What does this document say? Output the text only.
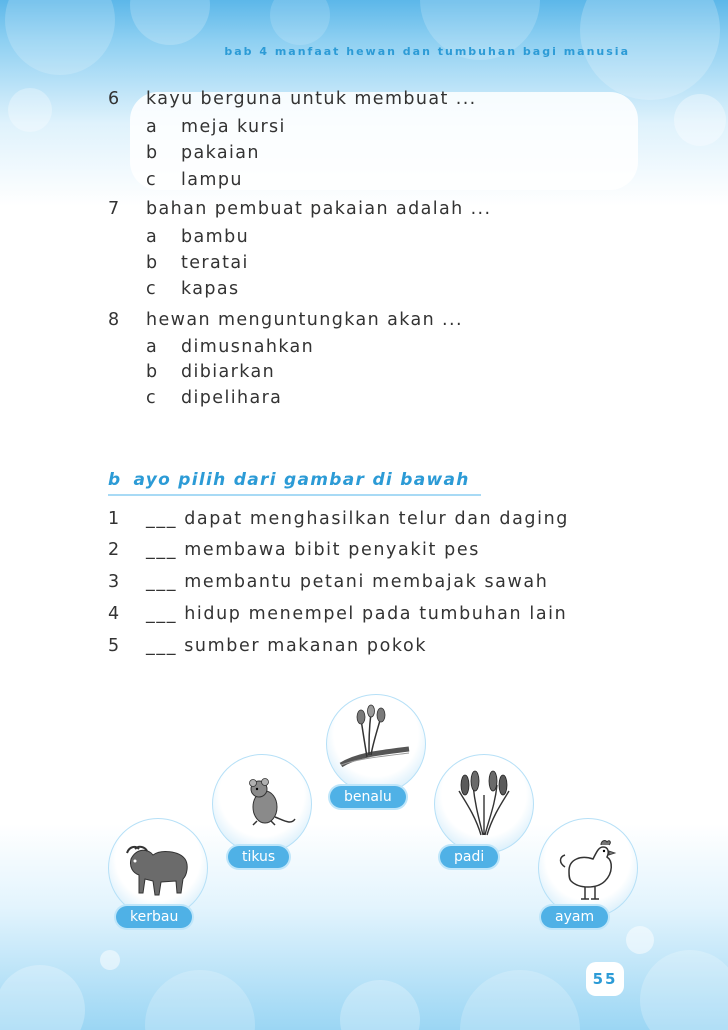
bab 4 manfaat hewan dan tumbuhan bagi manusia
6 kayu berguna untuk membuat ...
a meja kursi
b pakaian
c lampu
7 bahan pembuat pakaian adalah ...
a bambu
b teratai
c kapas
8 hewan menguntungkan akan ...
a dimusnahkan
b dibiarkan
c dipelihara
b ayo pilih dari gambar di bawah
1 ___ dapat menghasilkan telur dan daging
2 ___ membawa bibit penyakit pes
3 ___ membantu petani membajak sawah
4 ___ hidup menempel pada tumbuhan lain
5 ___ sumber makanan pokok
kerbau
tikus
benalu
padi
ayam
55
